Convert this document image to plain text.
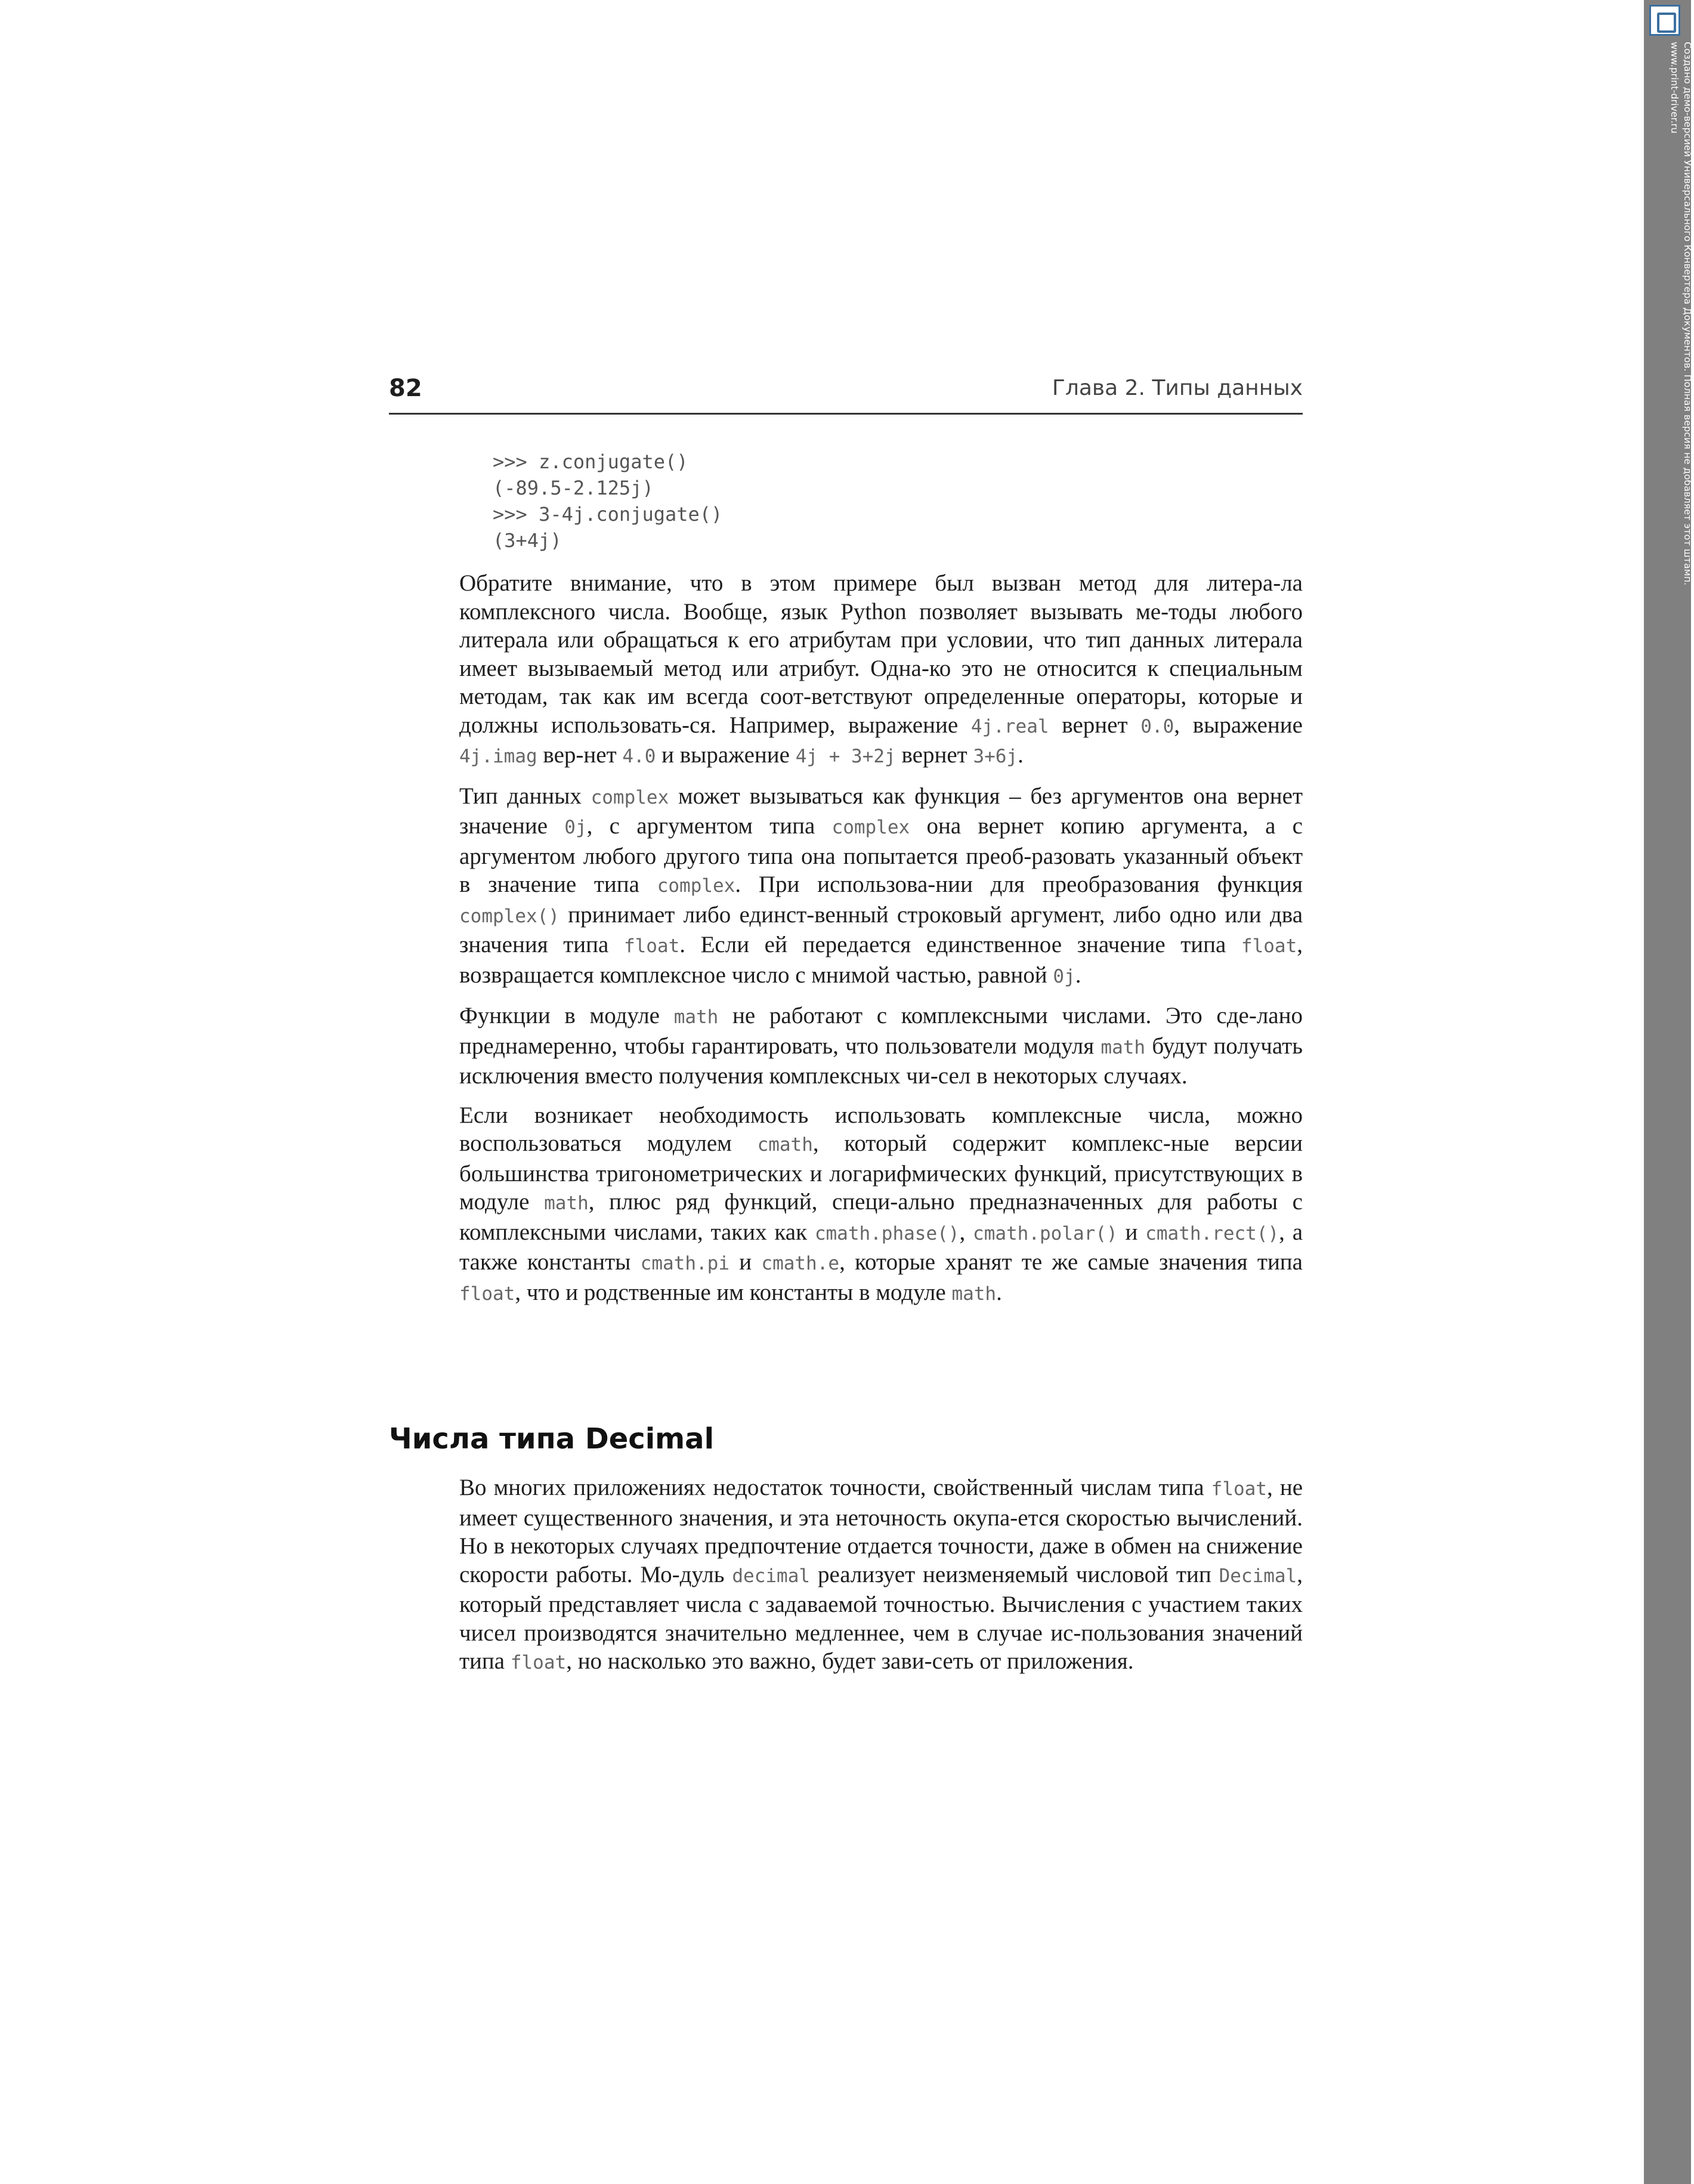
82	Глава 2. Типы данных
>>> z.conjugate()
(-89.5-2.125j)
>>> 3-4j.conjugate()
(3+4j)

Обратите внимание, что в этом примере был вызван метод для литера-ла комплексного числа. Вообще, язык Python позволяет вызывать ме-тоды любого литерала или обращаться к его атрибутам при условии, что тип данных литерала имеет вызываемый метод или атрибут. Одна-ко это не относится к специальным методам, так как им всегда соот-ветствуют определенные операторы, которые и должны использовать-ся. Например, выражение 4j.real вернет 0.0, выражение 4j.imag вер-нет 4.0 и выражение 4j + 3+2j вернет 3+6j.

Тип данных complex может вызываться как функция – без аргументов она вернет значение 0j, с аргументом типа complex она вернет копию аргумента, а с аргументом любого другого типа она попытается преоб-разовать указанный объект в значение типа complex. При использова-нии для преобразования функция complex() принимает либо единст-венный строковый аргумент, либо одно или два значения типа float. Если ей передается единственное значение типа float, возвращается комплексное число с мнимой частью, равной 0j.

Функции в модуле math не работают с комплексными числами. Это сде-лано преднамеренно, чтобы гарантировать, что пользователи модуля math будут получать исключения вместо получения комплексных чи-сел в некоторых случаях.

Если возникает необходимость использовать комплексные числа, можно воспользоваться модулем cmath, который содержит комплекс-ные версии большинства тригонометрических и логарифмических функций, присутствующих в модуле math, плюс ряд функций, специ-ально предназначенных для работы с комплексными числами, таких как cmath.phase(), cmath.polar() и cmath.rect(), а также константы cmath.pi и cmath.e, которые хранят те же самые значения типа float, что и родственные им константы в модуле math.

Числа типа Decimal

Во многих приложениях недостаток точности, свойственный числам типа float, не имеет существенного значения, и эта неточность окупа-ется скоростью вычислений. Но в некоторых случаях предпочтение отдается точности, даже в обмен на снижение скорости работы. Мо-дуль decimal реализует неизменяемый числовой тип Decimal, который представляет числа с задаваемой точностью. Вычисления с участием таких чисел производятся значительно медленнее, чем в случае ис-пользования значений типа float, но насколько это важно, будет зави-сеть от приложения.

Создано демо-версией Универсального Конвертера Документов. Полная версия не добавляет этот штамп.
www.print-driver.ru
